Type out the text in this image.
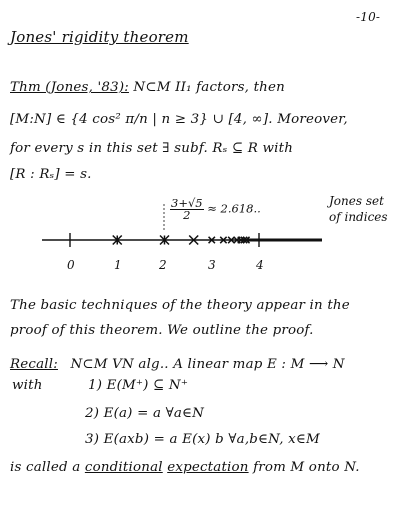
-10-
Jones' rigidity theorem
Thm (Jones, '83): N⊂M II₁ factors, then
[M:N] ∈ {4 cos² π/n | n ≥ 3} ∪ [4, ∞]. Moreover,
for every s in this set ∃ subf. Rₛ ⊆ R with
[R : Rₛ] = s.
$\frac{3+√5}{2} \approx 2.618$..
Jones set
of indices
0	1	2	3	4
The basic techniques of the theory appear in the
proof of this theorem. We outline the proof.
Recall: N⊂M VN alg.. A linear map E : M ⟶ N
with	1) E(M⁺) ⊆ N⁺
2) E(a) = a ∀a∈N
3) E(axb) = a E(x) b ∀a,b∈N, x∈M
is called a conditional expectation from M onto N.
